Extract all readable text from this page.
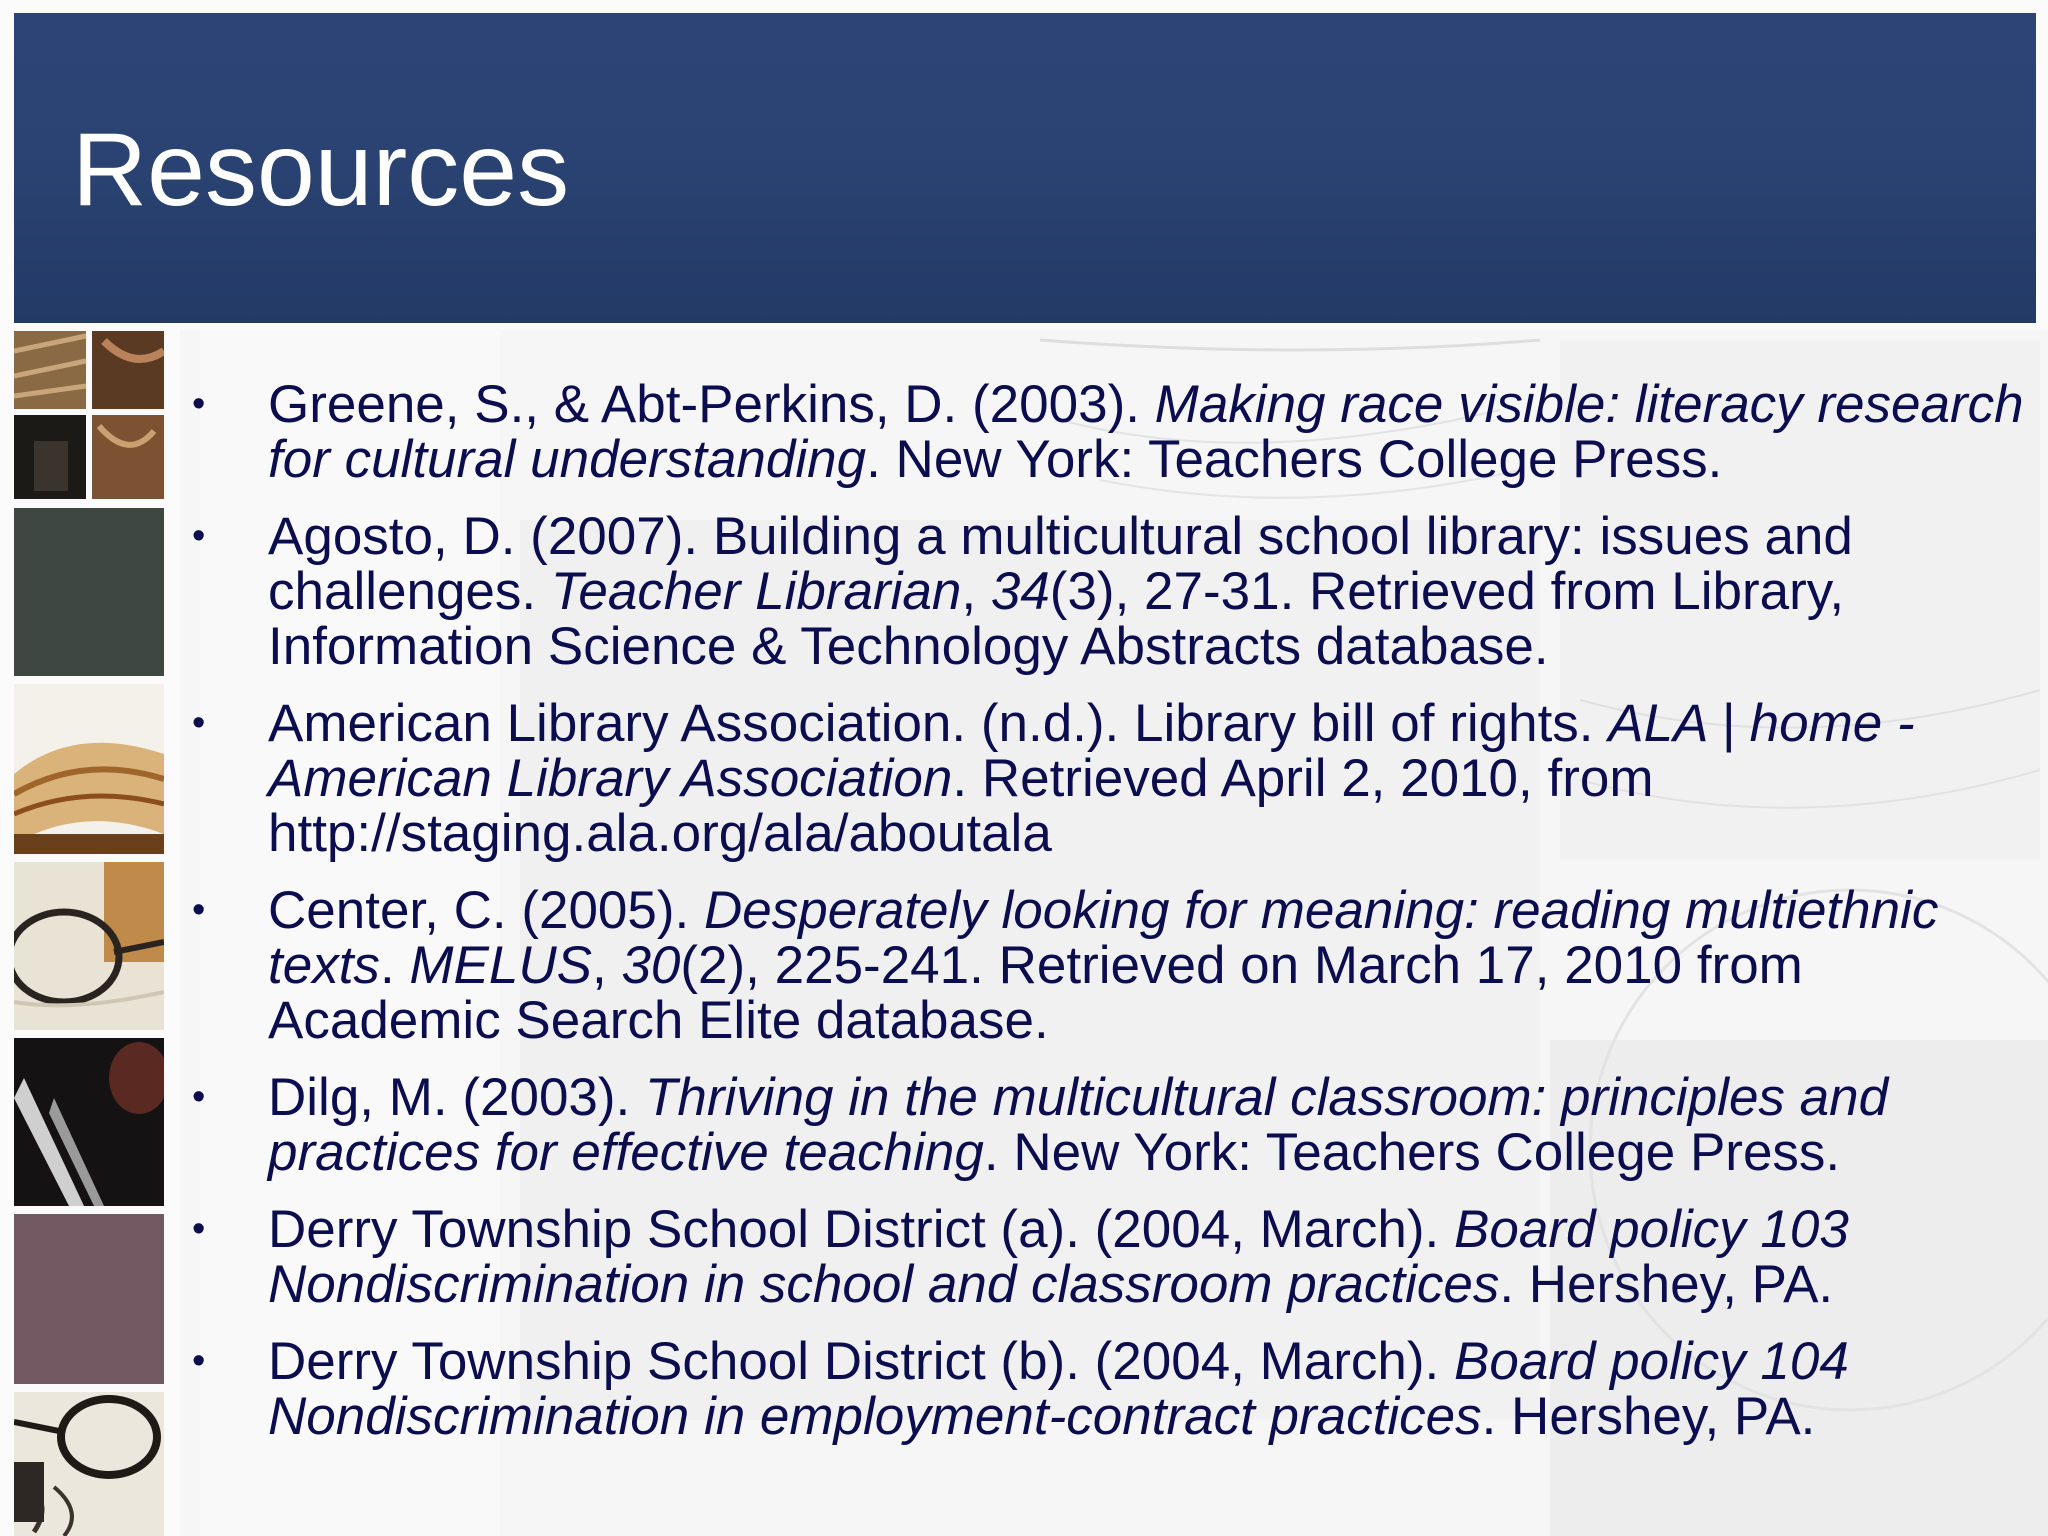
Resources
• Greene, S., & Abt-Perkins, D. (2003). Making race visible: literacy research for cultural understanding. New York: Teachers College Press.
• Agosto, D. (2007). Building a multicultural school library: issues and challenges. Teacher Librarian, 34(3), 27-31. Retrieved from Library, Information Science & Technology Abstracts database.
• American Library Association. (n.d.). Library bill of rights. ALA | home - American Library Association. Retrieved April 2, 2010, from http://staging.ala.org/ala/aboutala
• Center, C. (2005). Desperately looking for meaning: reading multiethnic texts. MELUS, 30(2), 225-241. Retrieved on March 17, 2010 from Academic Search Elite database.
• Dilg, M. (2003). Thriving in the multicultural classroom: principles and practices for effective teaching. New York: Teachers College Press.
• Derry Township School District (a). (2004, March). Board policy 103 Nondiscrimination in school and classroom practices. Hershey, PA.
• Derry Township School District (b). (2004, March). Board policy 104 Nondiscrimination in employment-contract practices. Hershey, PA.
